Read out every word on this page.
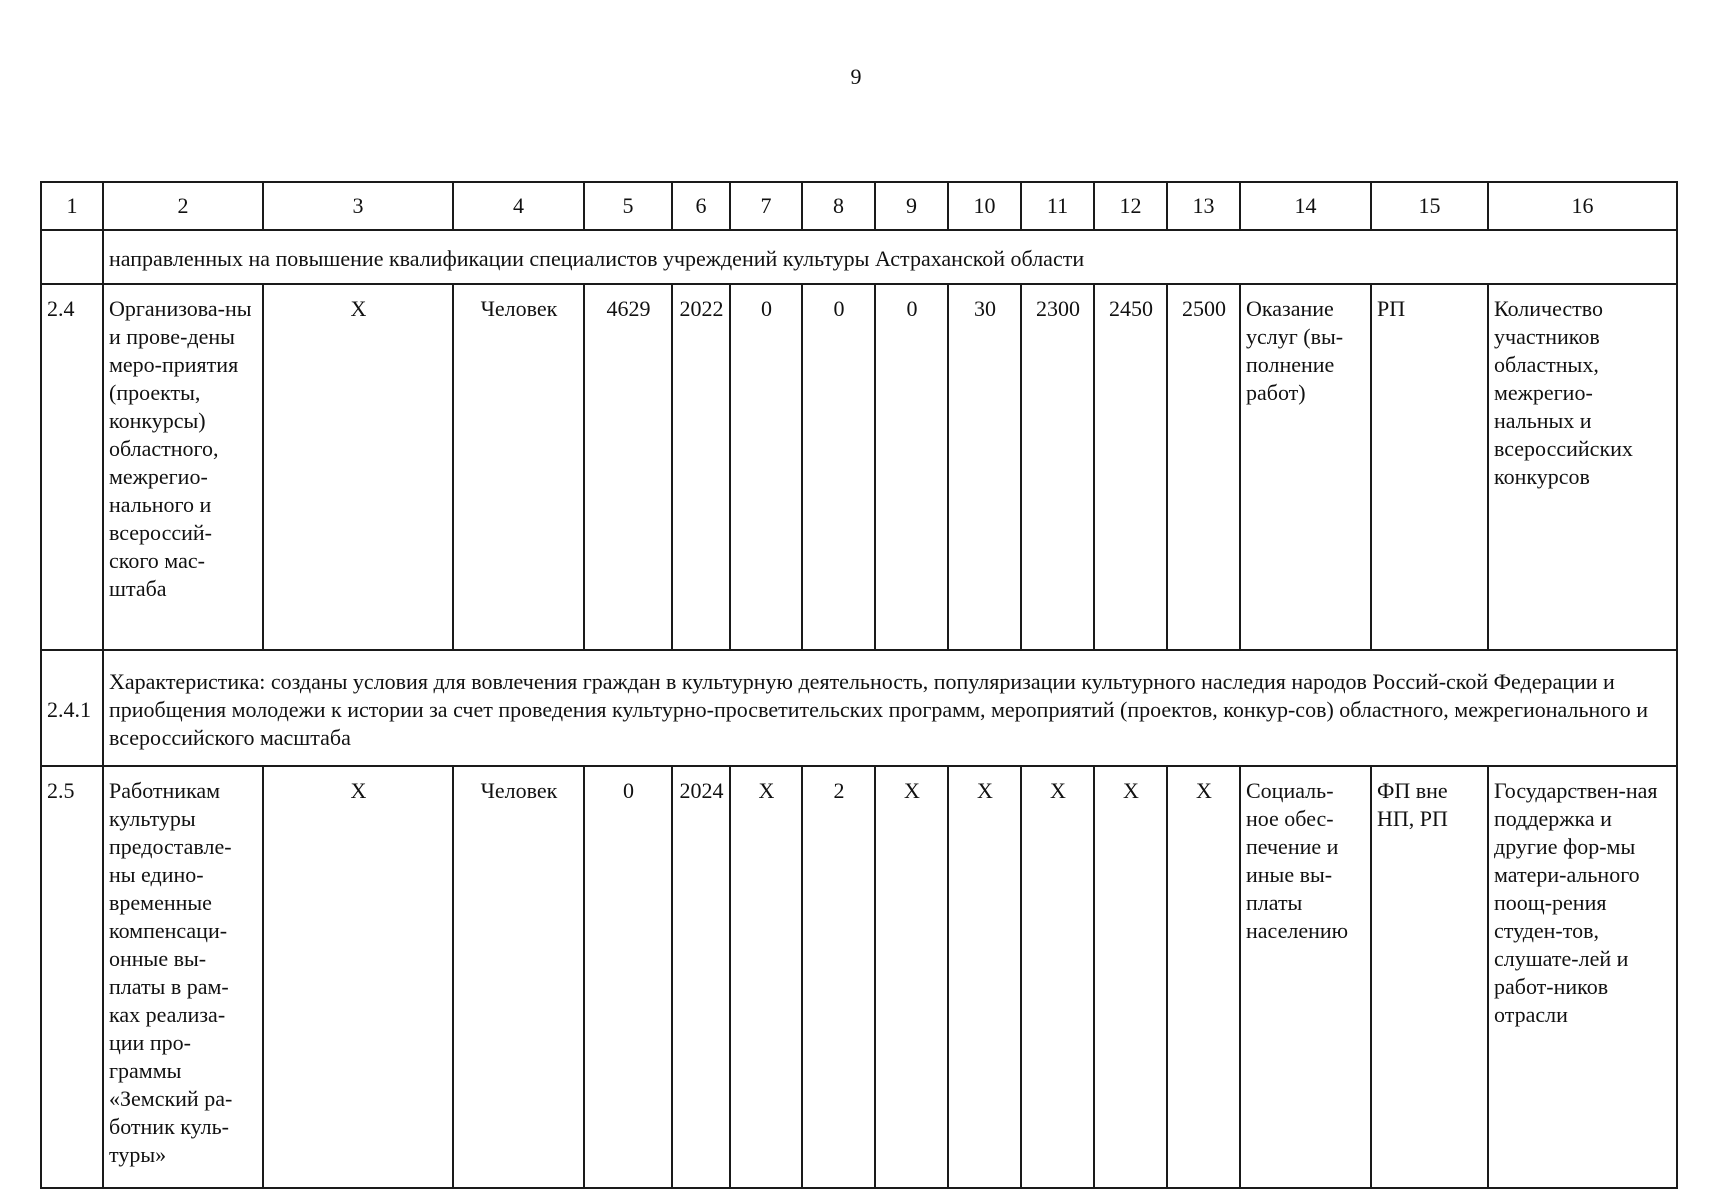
9
1	2	3	4	5	6	7	8	9	10	11	12	13	14	15	16
	направленных на повышение квалификации специалистов учреждений культуры Астраханской области														
2.4	Организова-ны и прове-дены меро-приятия (проекты, конкурсы) областного, межрегио-нального и всероссий-ского мас-штаба	Х	Человек	4629	2022	0	0	0	30	2300	2450	2500	Оказание услуг (вы-полнение работ)	РП	Количество участников областных, межрегио-нальных и всероссийских конкурсов
2.4.1	Характеристика: созданы условия для вовлечения граждан в культурную деятельность, популяризации культурного наследия народов Россий-ской Федерации и приобщения молодежи к истории за счет проведения культурно-просветительских программ, мероприятий (проектов, конкур-сов) областного, межрегионального и всероссийского масштаба														
2.5	Работникам культуры предоставле-ны едино-временные компенсаци-онные вы-платы в рам-ках реализа-ции про-граммы «Земский ра-ботник куль-туры»	Х	Человек	0	2024	Х	2	Х	Х	Х	Х	Х	Социаль-ное обес-печение и иные вы-платы населению	ФП вне НП, РП	Государствен-ная поддержка и другие фор-мы матери-ального поощ-рения студен-тов, слушате-лей и работ-ников отрасли
